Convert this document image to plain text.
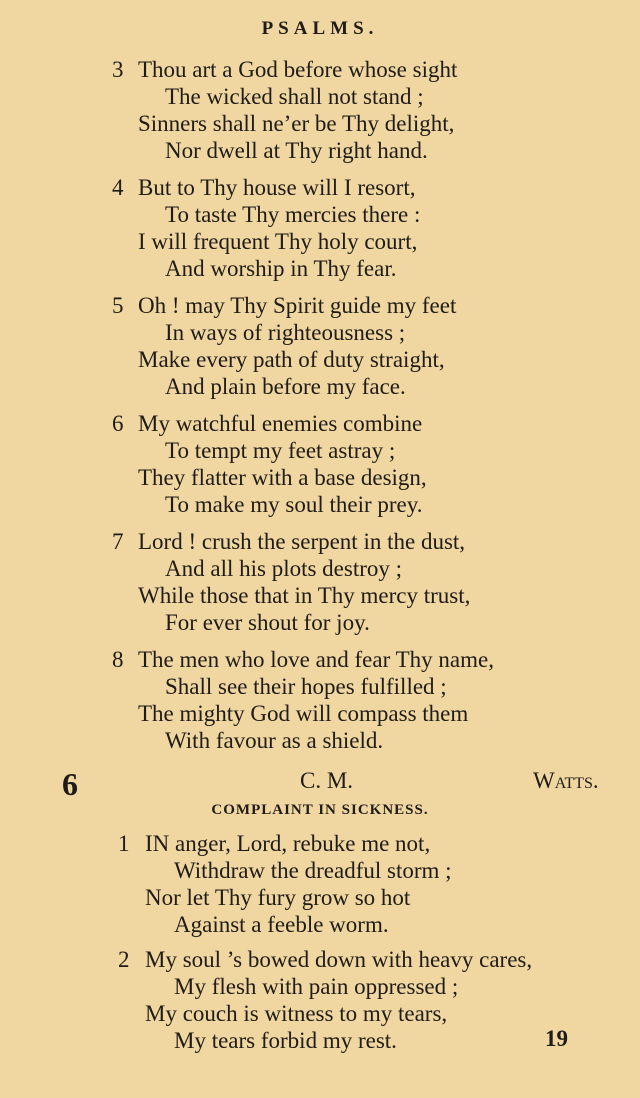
PSALMS.
3 Thou art a God before whose sight
The wicked shall not stand ;
Sinners shall ne’er be Thy delight,
Nor dwell at Thy right hand.
4 But to Thy house will I resort,
To taste Thy mercies there :
I will frequent Thy holy court,
And worship in Thy fear.
5 Oh ! may Thy Spirit guide my feet
In ways of righteousness ;
Make every path of duty straight,
And plain before my face.
6 My watchful enemies combine
To tempt my feet astray ;
They flatter with a base design,
To make my soul their prey.
7 Lord ! crush the serpent in the dust,
And all his plots destroy ;
While those that in Thy mercy trust,
For ever shout for joy.
8 The men who love and fear Thy name,
Shall see their hopes fulfilled ;
The mighty God will compass them
With favour as a shield.
6	C. M.	Watts.
COMPLAINT IN SICKNESS.
1 IN anger, Lord, rebuke me not,
Withdraw the dreadful storm ;
Nor let Thy fury grow so hot
Against a feeble worm.
2 My soul ’s bowed down with heavy cares,
My flesh with pain oppressed ;
My couch is witness to my tears,
My tears forbid my rest.	19
